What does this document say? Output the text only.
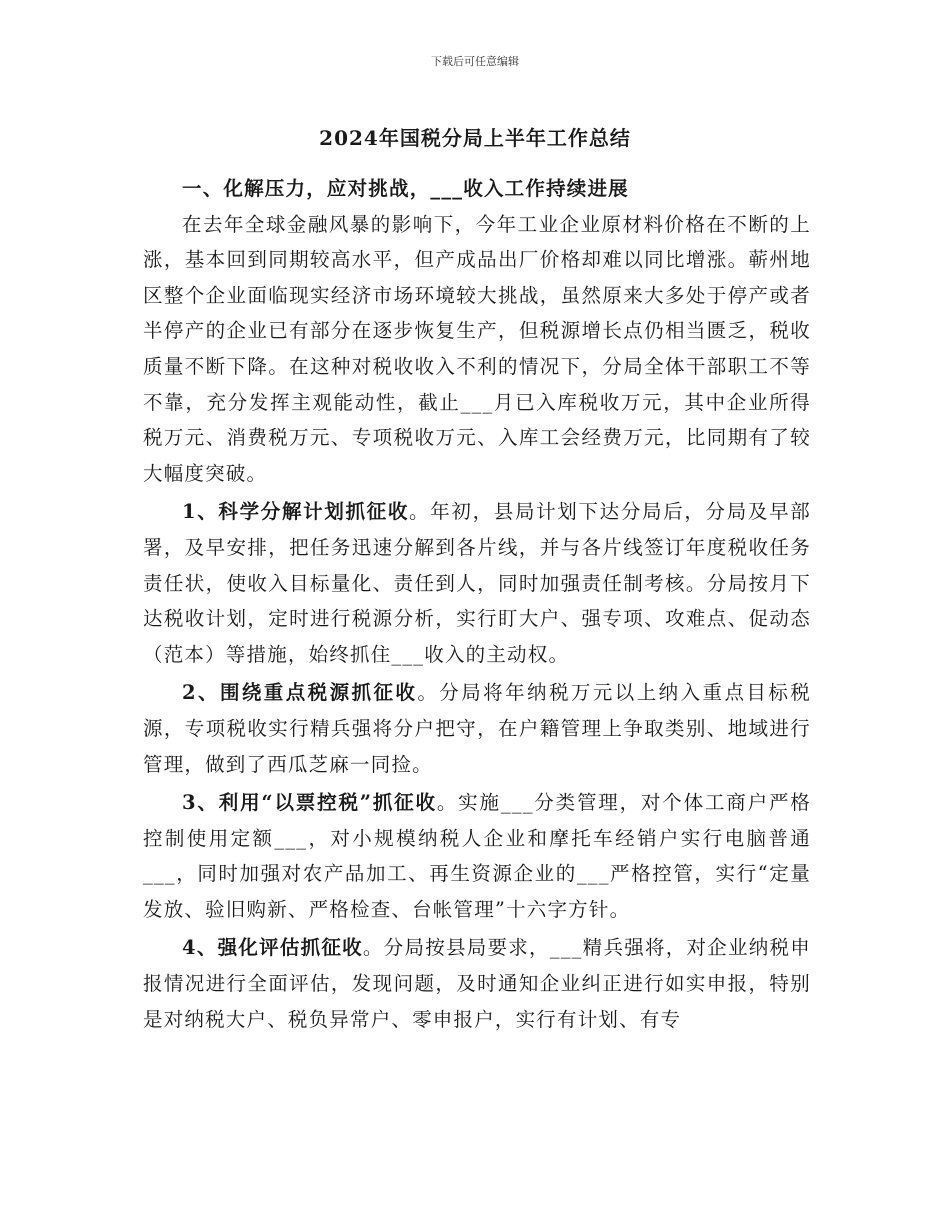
下载后可任意编辑
2024年国税分局上半年工作总结

一、化解压力，应对挑战，___收入工作持续进展

在去年全球金融风暴的影响下，今年工业企业原材料价格在不断的上涨，基本回到同期较高水平，但产成品出厂价格却难以同比增涨。蕲州地区整个企业面临现实经济市场环境较大挑战，虽然原来大多处于停产或者半停产的企业已有部分在逐步恢复生产，但税源增长点仍相当匮乏，税收质量不断下降。在这种对税收收入不利的情况下，分局全体干部职工不等不靠，充分发挥主观能动性，截止___月已入库税收万元，其中企业所得税万元、消费税万元、专项税收万元、入库工会经费万元，比同期有了较大幅度突破。

1、科学分解计划抓征收。年初，县局计划下达分局后，分局及早部署，及早安排，把任务迅速分解到各片线，并与各片线签订年度税收任务责任状，使收入目标量化、责任到人，同时加强责任制考核。分局按月下达税收计划，定时进行税源分析，实行盯大户、强专项、攻难点、促动态（范本）等措施，始终抓住___收入的主动权。

2、围绕重点税源抓征收。分局将年纳税万元以上纳入重点目标税源，专项税收实行精兵强将分户把守，在户籍管理上争取类别、地域进行管理，做到了西瓜芝麻一同捡。

3、利用“以票控税”抓征收。实施___分类管理，对个体工商户严格控制使用定额___，对小规模纳税人企业和摩托车经销户实行电脑普通___，同时加强对农产品加工、再生资源企业的___严格控管，实行“定量发放、验旧购新、严格检查、台帐管理”十六字方针。

4、强化评估抓征收。分局按县局要求，___精兵强将，对企业纳税申报情况进行全面评估，发现问题，及时通知企业纠正进行如实申报，特别是对纳税大户、税负异常户、零申报户，实行有计划、有专
